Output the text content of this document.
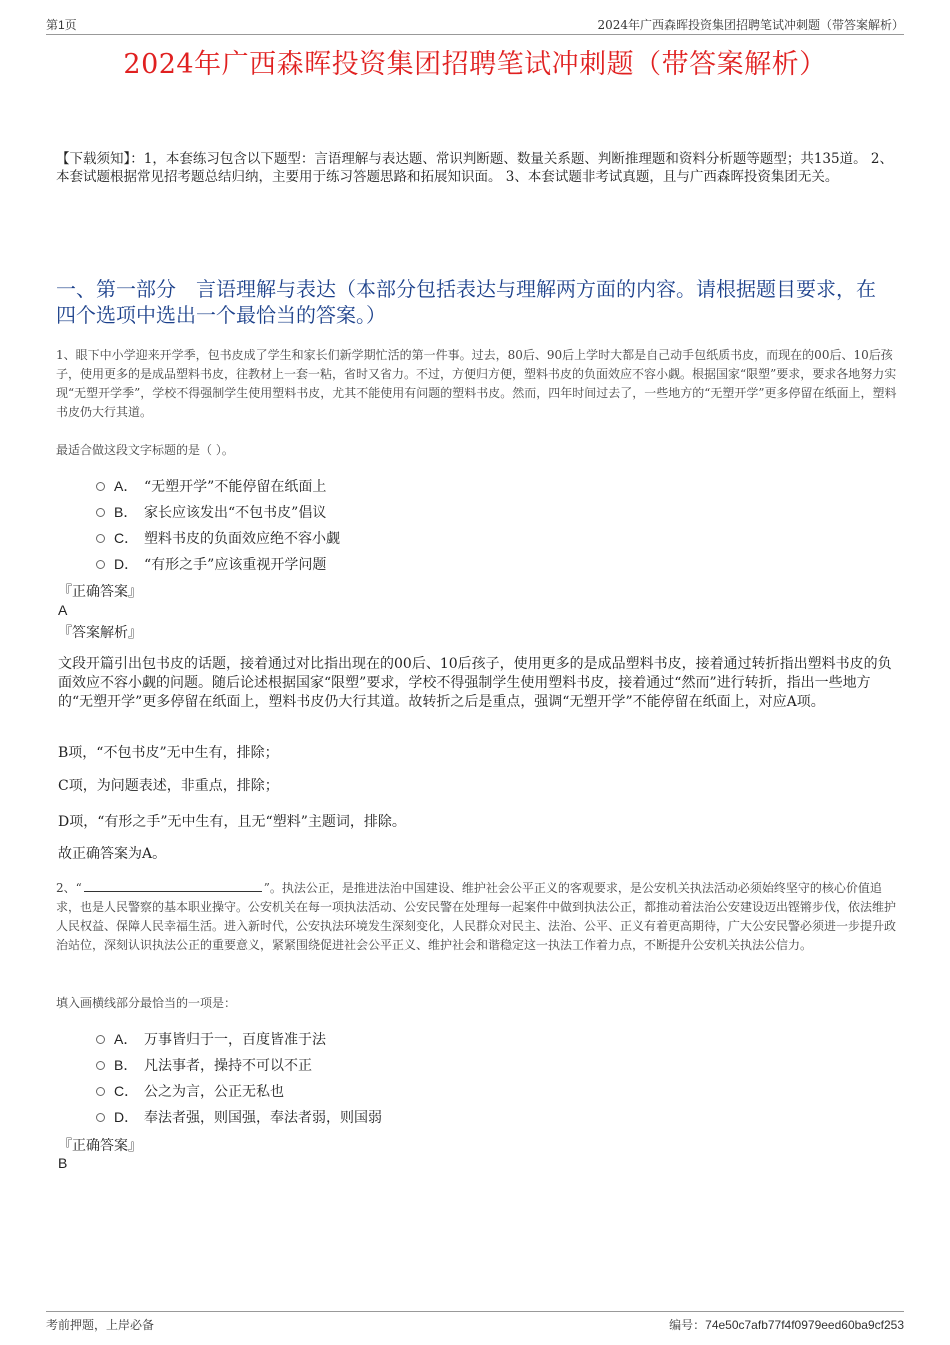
第1页	2024年广西森晖投资集团招聘笔试冲刺题（带答案解析）
2024年广西森晖投资集团招聘笔试冲刺题（带答案解析）
【下载须知】：1，本套练习包含以下题型：言语理解与表达题、常识判断题、数量关系题、判断推理题和资料分析题等题型；共135道。 2、本套试题根据常见招考题总结归纳，主要用于练习答题思路和拓展知识面。 3、本套试题非考试真题，且与广西森晖投资集团无关。
一、第一部分　言语理解与表达（本部分包括表达与理解两方面的内容。请根据题目要求，在四个选项中选出一个最恰当的答案。）
1、眼下中小学迎来开学季，包书皮成了学生和家长们新学期忙活的第一件事。过去，80后、90后上学时大都是自己动手包纸质书皮，而现在的00后、10后孩子，使用更多的是成品塑料书皮，往教材上一套一粘，省时又省力。不过，方便归方便，塑料书皮的负面效应不容小觑。根据国家“限塑”要求，要求各地努力实现“无塑开学季”，学校不得强制学生使用塑料书皮，尤其不能使用有问题的塑料书皮。然而，四年时间过去了，一些地方的“无塑开学”更多停留在纸面上，塑料书皮仍大行其道。
最适合做这段文字标题的是（ ）。
A． “无塑开学”不能停留在纸面上
B． 家长应该发出“不包书皮”倡议
C． 塑料书皮的负面效应绝不容小觑
D． “有形之手”应该重视开学问题
『正确答案』
A
『答案解析』
文段开篇引出包书皮的话题，接着通过对比指出现在的00后、10后孩子，使用更多的是成品塑料书皮，接着通过转折指出塑料书皮的负面效应不容小觑的问题。随后论述根据国家“限塑”要求，学校不得强制学生使用塑料书皮，接着通过“然而”进行转折，指出一些地方的“无塑开学”更多停留在纸面上，塑料书皮仍大行其道。故转折之后是重点，强调“无塑开学”不能停留在纸面上，对应A项。
B项，“不包书皮”无中生有，排除；
C项，为问题表述，非重点，排除；
D项，“有形之手”无中生有，且无“塑料”主题词，排除。
故正确答案为A。
2、“	”。执法公正，是推进法治中国建设、维护社会公平正义的客观要求，是公安机关执法活动必须始终坚守的核心价值追求，也是人民警察的基本职业操守。公安机关在每一项执法活动、公安民警在处理每一起案件中做到执法公正，都推动着法治公安建设迈出铿锵步伐，依法维护人民权益、保障人民幸福生活。进入新时代，公安执法环境发生深刻变化，人民群众对民主、法治、公平、正义有着更高期待，广大公安民警必须进一步提升政治站位，深刻认识执法公正的重要意义，紧紧围绕促进社会公平正义、维护社会和谐稳定这一执法工作着力点，不断提升公安机关执法公信力。
填入画横线部分最恰当的一项是：
A． 万事皆归于一，百度皆准于法
B． 凡法事者，操持不可以不正
C． 公之为言，公正无私也
D． 奉法者强，则国强，奉法者弱，则国弱
『正确答案』
B
考前押题，上岸必备	编号：74e50c7afb77f4f0979eed60ba9cf253
